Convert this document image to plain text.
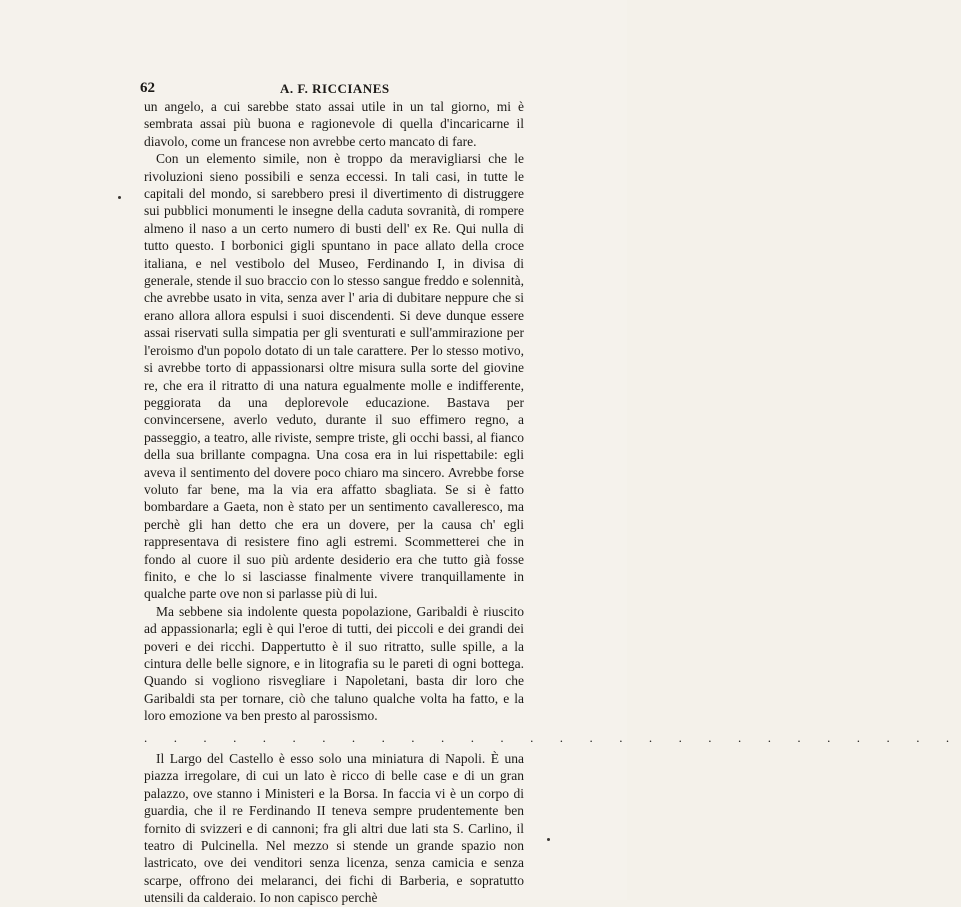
62	A. F. RICCIANES

un angelo, a cui sarebbe stato assai utile in un tal giorno, mi è sembrata assai più buona e ragionevole di quella d'incaricarne il diavolo, come un francese non avrebbe certo mancato di fare.

Con un elemento simile, non è troppo da meravigliarsi che le rivoluzioni sieno possibili e senza eccessi. In tali casi, in tutte le capitali del mondo, si sarebbero presi il divertimento di distruggere sui pubblici monumenti le insegne della caduta sovranità, di rompere almeno il naso a un certo numero di busti dell' ex Re. Qui nulla di tutto questo. I borbonici gigli spuntano in pace allato della croce italiana, e nel vestibolo del Museo, Ferdinando I, in divisa di generale, stende il suo braccio con lo stesso sangue freddo e solennità, che avrebbe usato in vita, senza aver l' aria di dubitare neppure che si erano allora allora espulsi i suoi discendenti. Si deve dunque essere assai riservati sulla simpatia per gli sventurati e sull'ammirazione per l'eroismo d'un popolo dotato di un tale carattere. Per lo stesso motivo, si avrebbe torto di appassionarsi oltre misura sulla sorte del giovine re, che era il ritratto di una natura egualmente molle e indifferente, peggiorata da una deplorevole educazione. Bastava per convincersene, averlo veduto, durante il suo effimero regno, a passeggio, a teatro, alle riviste, sempre triste, gli occhi bassi, al fianco della sua brillante compagna. Una cosa era in lui rispettabile: egli aveva il sentimento del dovere poco chiaro ma sincero. Avrebbe forse voluto far bene, ma la via era affatto sbagliata. Se si è fatto bombardare a Gaeta, non è stato per un sentimento cavalleresco, ma perchè gli han detto che era un dovere, per la causa ch' egli rappresentava di resistere fino agli estremi. Scommetterei che in fondo al cuore il suo più ardente desiderio era che tutto già fosse finito, e che lo si lasciasse finalmente vivere tranquillamente in qualche parte ove non si parlasse più di lui.

Ma sebbene sia indolente questa popolazione, Garibaldi è riuscito ad appassionarla; egli è qui l'eroe di tutti, dei piccoli e dei grandi dei poveri e dei ricchi. Dappertutto è il suo ritratto, sulle spille, a la cintura delle belle signore, e in litografia su le pareti di ogni bottega. Quando si vogliono risvegliare i Napoletani, basta dir loro che Garibaldi sta per tornare, ciò che taluno qualche volta ha fatto, e la loro emozione va ben presto al parossismo.

. . . . . . . . . . . . . . . . . . . . . . . . . . . .

Il Largo del Castello è esso solo una miniatura di Napoli. È una piazza irregolare, di cui un lato è ricco di belle case e di un gran palazzo, ove stanno i Ministeri e la Borsa. In faccia vi è un corpo di guardia, che il re Ferdinando II teneva sempre prudentemente ben fornito di svizzeri e di cannoni; fra gli altri due lati sta S. Carlino, il teatro di Pulcinella. Nel mezzo si stende un grande spazio non lastricato, ove dei venditori senza licenza, senza camicia e senza scarpe, offrono dei melaranci, dei fichi di Barberia, e sopratutto utensili da calderaio. Io non capisco perchè
